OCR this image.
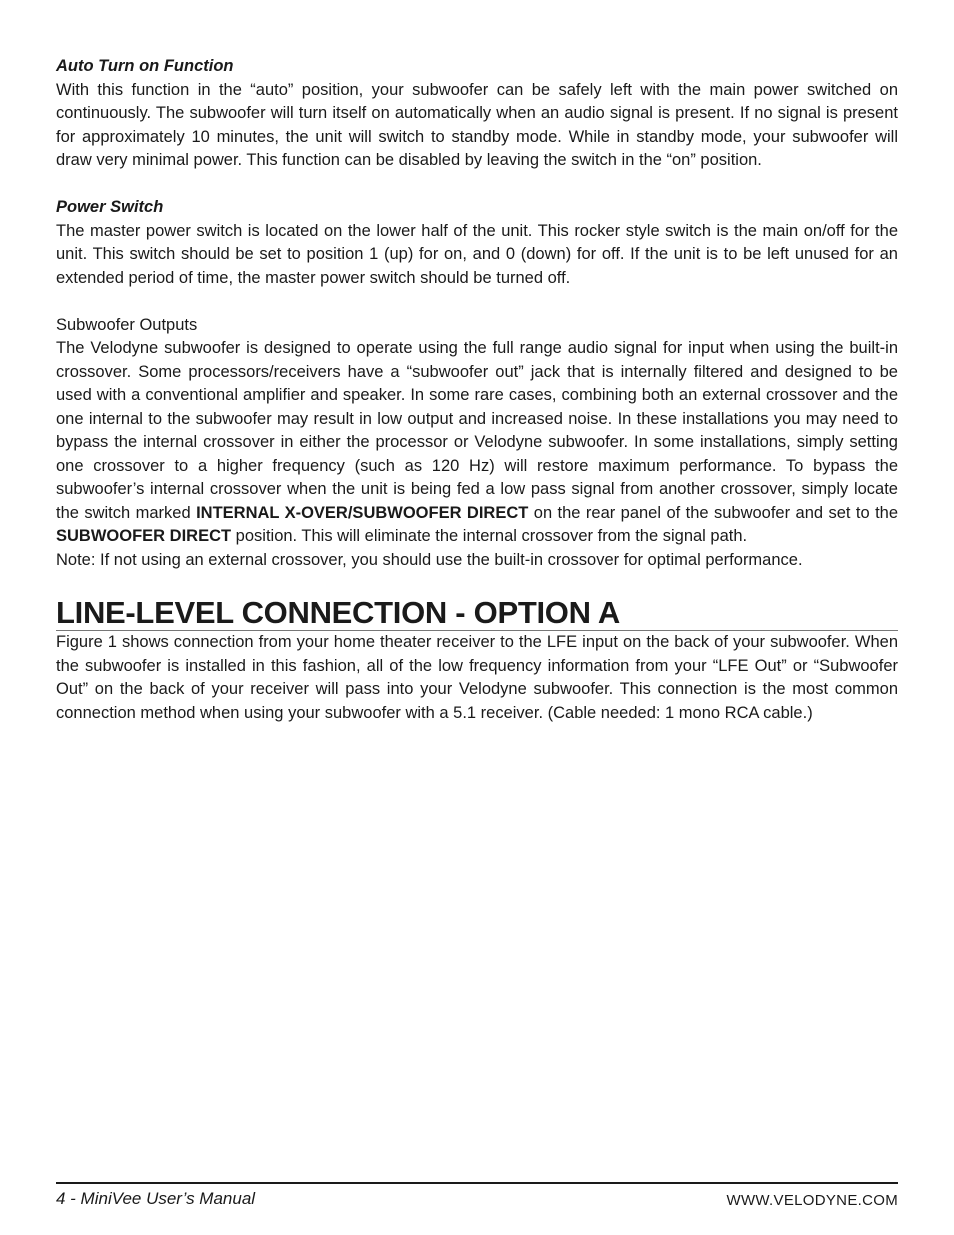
Auto Turn on Function

With this function in the “auto” position, your subwoofer can be safely left with the main power switched on continuously. The subwoofer will turn itself on automatically when an audio signal is present. If no signal is present for approximately 10 minutes, the unit will switch to standby mode. While in standby mode, your subwoofer will draw very minimal power. This function can be disabled by leaving the switch in the “on” position.

Power Switch

The master power switch is located on the lower half of the unit. This rocker style switch is the main on/off for the unit. This switch should be set to position 1 (up) for on, and 0 (down) for off. If the unit is to be left unused for an extended period of time, the master power switch should be turned off.

Subwoofer Outputs

The Velodyne subwoofer is designed to operate using the full range audio signal for input when using the built-in crossover. Some processors/receivers have a “subwoofer out” jack that is internally filtered and designed to be used with a conventional amplifier and speaker. In some rare cases, combining both an external crossover and the one internal to the subwoofer may result in low output and increased noise. In these installations you may need to bypass the internal crossover in either the processor or Velodyne subwoofer. In some installations, simply setting one crossover to a higher frequency (such as 120 Hz) will restore maximum performance. To bypass the subwoofer’s internal crossover when the unit is being fed a low pass signal from another crossover, simply locate the switch marked INTERNAL X-OVER/SUBWOOFER DIRECT on the rear panel of the subwoofer and set to the SUBWOOFER DIRECT position. This will eliminate the internal crossover from the signal path.

Note: If not using an external crossover, you should use the built-in crossover for optimal performance.

LINE-LEVEL CONNECTION - OPTION A

Figure 1 shows connection from your home theater receiver to the LFE input on the back of your subwoofer. When the subwoofer is installed in this fashion, all of the low frequency information from your “LFE Out” or “Subwoofer Out” on the back of your receiver will pass into your Velodyne subwoofer. This connection is the most common connection method when using your subwoofer with a 5.1 receiver. (Cable needed: 1 mono RCA cable.)

4 - MiniVee User’s Manual	WWW.VELODYNE.COM
